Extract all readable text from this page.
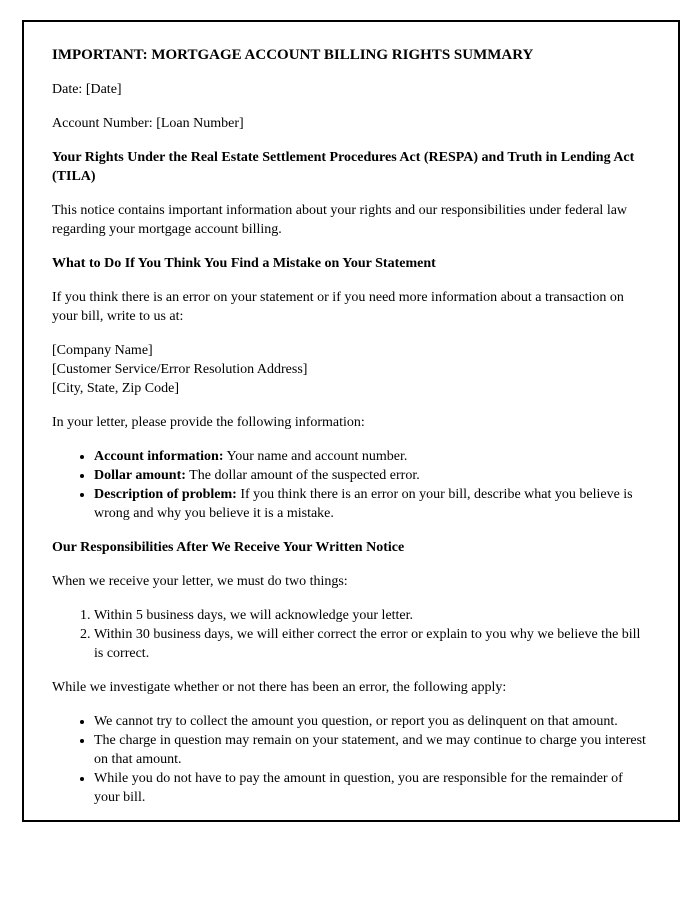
IMPORTANT: MORTGAGE ACCOUNT BILLING RIGHTS SUMMARY

Date: [Date]

Account Number: [Loan Number]

Your Rights Under the Real Estate Settlement Procedures Act (RESPA) and Truth in Lending Act (TILA)

This notice contains important information about your rights and our responsibilities under federal law regarding your mortgage account billing.

What to Do If You Think You Find a Mistake on Your Statement

If you think there is an error on your statement or if you need more information about a transaction on your bill, write to us at:

[Company Name]

[Customer Service/Error Resolution Address]

[City, State, Zip Code]

In your letter, please provide the following information:

• Account information: Your name and account number.
• Dollar amount: The dollar amount of the suspected error.
• Description of problem: If you think there is an error on your bill, describe what you believe is wrong and why you believe it is a mistake.

Our Responsibilities After We Receive Your Written Notice

When we receive your letter, we must do two things:

1. Within 5 business days, we will acknowledge your letter.
2. Within 30 business days, we will either correct the error or explain to you why we believe the bill is correct.

While we investigate whether or not there has been an error, the following apply:

• We cannot try to collect the amount you question, or report you as delinquent on that amount.
• The charge in question may remain on your statement, and we may continue to charge you interest on that amount.
• While you do not have to pay the amount in question, you are responsible for the remainder of your bill.
